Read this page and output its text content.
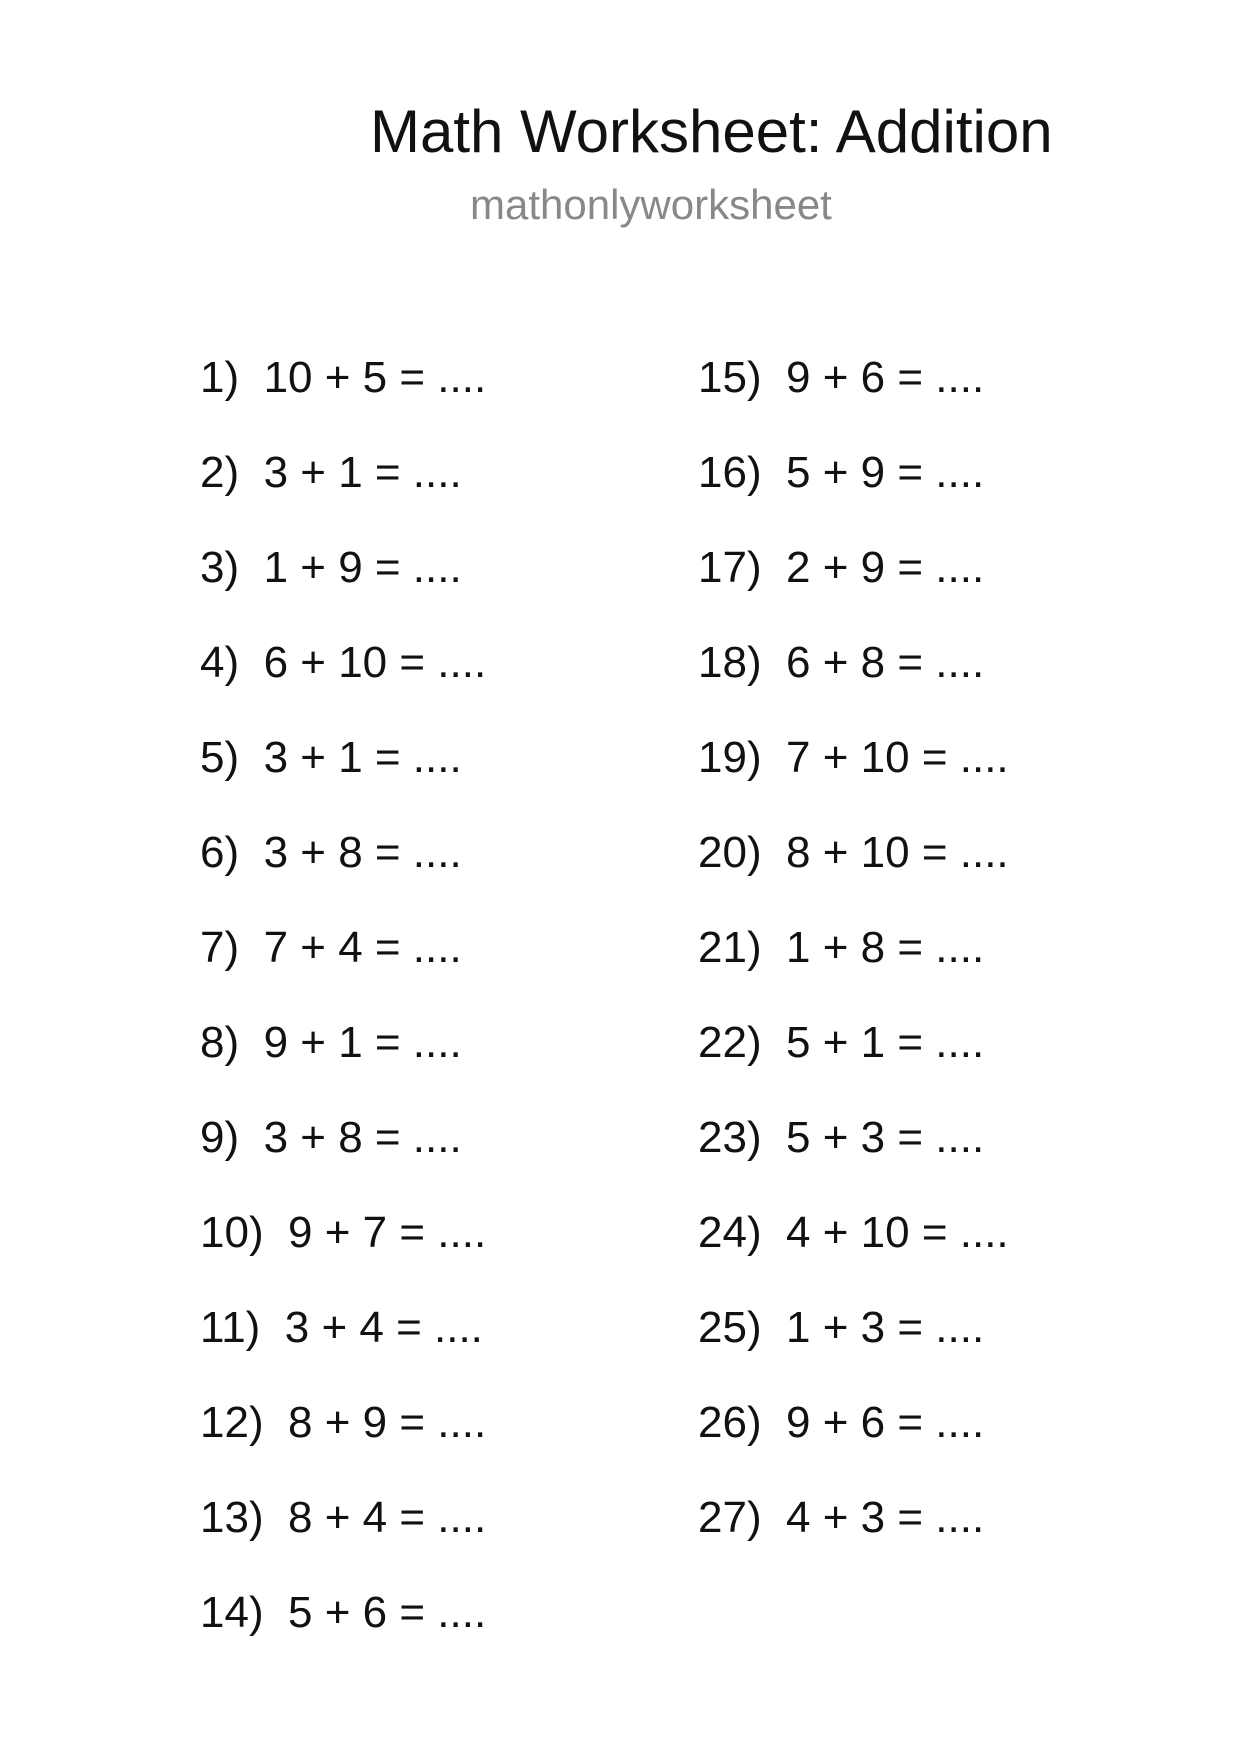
Math Worksheet: Addition
mathonlyworksheet
1)  10 + 5 = ....
2)  3 + 1 = ....
3)  1 + 9 = ....
4)  6 + 10 = ....
5)  3 + 1 = ....
6)  3 + 8 = ....
7)  7 + 4 = ....
8)  9 + 1 = ....
9)  3 + 8 = ....
10)  9 + 7 = ....
11)  3 + 4 = ....
12)  8 + 9 = ....
13)  8 + 4 = ....
14)  5 + 6 = ....
15)  9 + 6 = ....
16)  5 + 9 = ....
17)  2 + 9 = ....
18)  6 + 8 = ....
19)  7 + 10 = ....
20)  8 + 10 = ....
21)  1 + 8 = ....
22)  5 + 1 = ....
23)  5 + 3 = ....
24)  4 + 10 = ....
25)  1 + 3 = ....
26)  9 + 6 = ....
27)  4 + 3 = ....
